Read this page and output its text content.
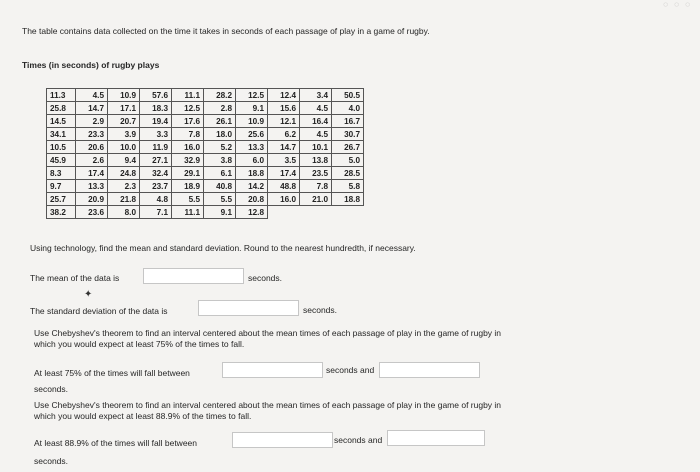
◌ ◌ ◌
The table contains data collected on the time it takes in seconds of each passage of play in a game of rugby.
Times (in seconds) of rugby plays
11.3	4.5	10.9	57.6	11.1	28.2	12.5	12.4	3.4	50.5
25.8	14.7	17.1	18.3	12.5	2.8	9.1	15.6	4.5	4.0
14.5	2.9	20.7	19.4	17.6	26.1	10.9	12.1	16.4	16.7
34.1	23.3	3.9	3.3	7.8	18.0	25.6	6.2	4.5	30.7
10.5	20.6	10.0	11.9	16.0	5.2	13.3	14.7	10.1	26.7
45.9	2.6	9.4	27.1	32.9	3.8	6.0	3.5	13.8	5.0
8.3	17.4	24.8	32.4	29.1	6.1	18.8	17.4	23.5	28.5
9.7	13.3	2.3	23.7	18.9	40.8	14.2	48.8	7.8	5.8
25.7	20.9	21.8	4.8	5.5	5.5	20.8	16.0	21.0	18.8
38.2	23.6	8.0	7.1	11.1	9.1	12.8			
Using technology, find the mean and standard deviation. Round to the nearest hundredth, if necessary.
The mean of the data is	seconds.
✦
The standard deviation of the data is	seconds.
Use Chebyshev's theorem to find an interval centered about the mean times of each passage of play in the game of rugby in which you would expect at least 75% of the times to fall.
At least 75% of the times will fall between	seconds and
seconds.
Use Chebyshev's theorem to find an interval centered about the mean times of each passage of play in the game of rugby in which you would expect at least 88.9% of the times to fall.
At least 88.9% of the times will fall between	seconds and
seconds.
